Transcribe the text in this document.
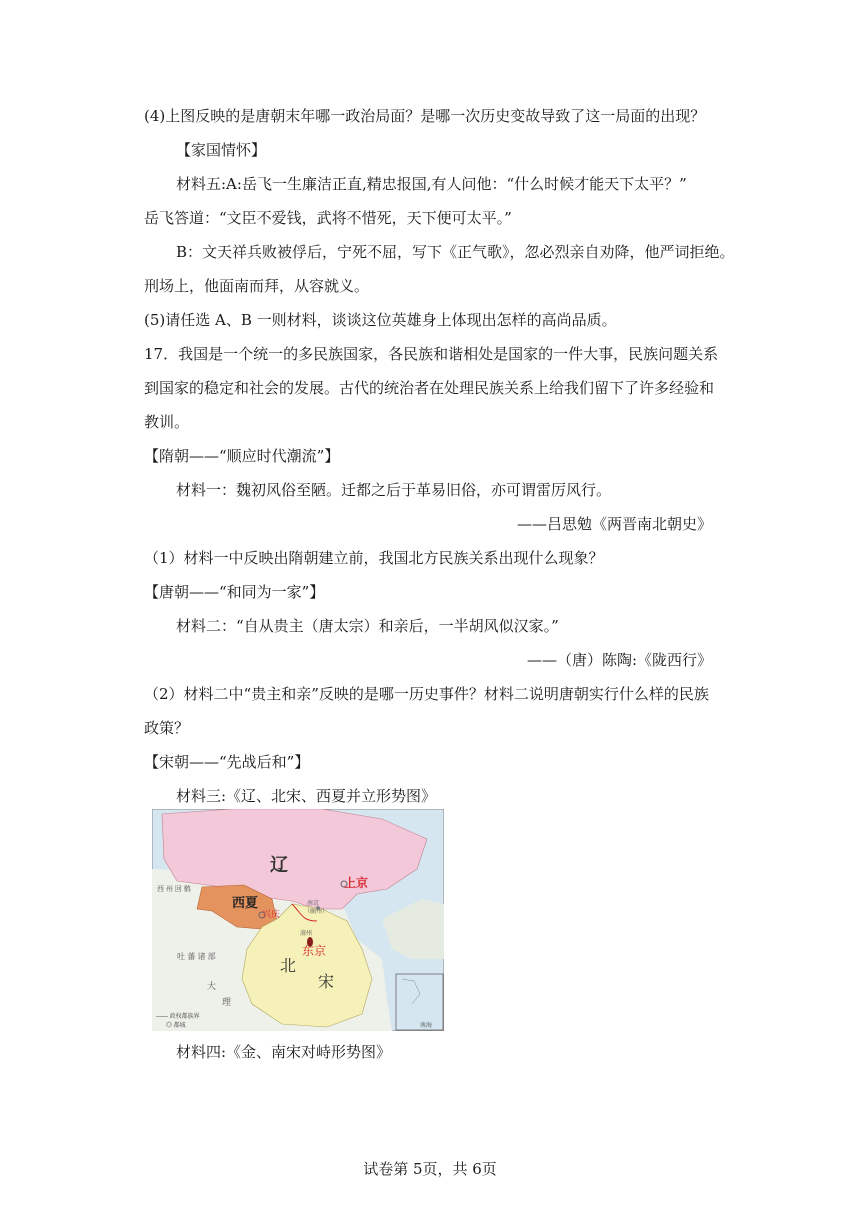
(4)上图反映的是唐朝末年哪一政治局面？是哪一次历史变故导致了这一局面的出现？
【家国情怀】
材料五:A:岳飞一生廉洁正直,精忠报国,有人问他：“什么时候才能天下太平？”
岳飞答道：“文臣不爱钱，武将不惜死，天下便可太平。”
B：文天祥兵败被俘后，宁死不屈，写下《正气歌》，忽必烈亲自劝降，他严词拒绝。
刑场上，他面南而拜，从容就义。
(5)请任选 A、B 一则材料，谈谈这位英雄身上体现出怎样的高尚品质。
17．我国是一个统一的多民族国家，各民族和谐相处是国家的一件大事，民族问题关系
到国家的稳定和社会的发展。古代的统治者在处理民族关系上给我们留下了许多经验和
教训。
【隋朝——“顺应时代潮流”】
材料一：魏初风俗至陋。迁都之后于革易旧俗，亦可谓雷厉风行。
——吕思勉《两晋南北朝史》
（1）材料一中反映出隋朝建立前，我国北方民族关系出现什么现象？
【唐朝——“和同为一家”】
材料二：“自从贵主（唐太宗）和亲后，一半胡风似汉家。”
——（唐）陈陶:《陇西行》
（2）材料二中“贵主和亲”反映的是哪一历史事件？材料二说明唐朝实行什么样的民族
政策？
【宋朝——“先战后和”】
材料三:《辽、北宋、西夏并立形势图》
辽
上京
西夏
兴庆
北
宋
东京
西 州 回 鹘
吐 蕃 诸 部
大
理
南京
（幽州）
澶州
—— 政权都族界
◎ 都城	南海
材料四:《金、南宋对峙形势图》
试卷第 5页，共 6页
